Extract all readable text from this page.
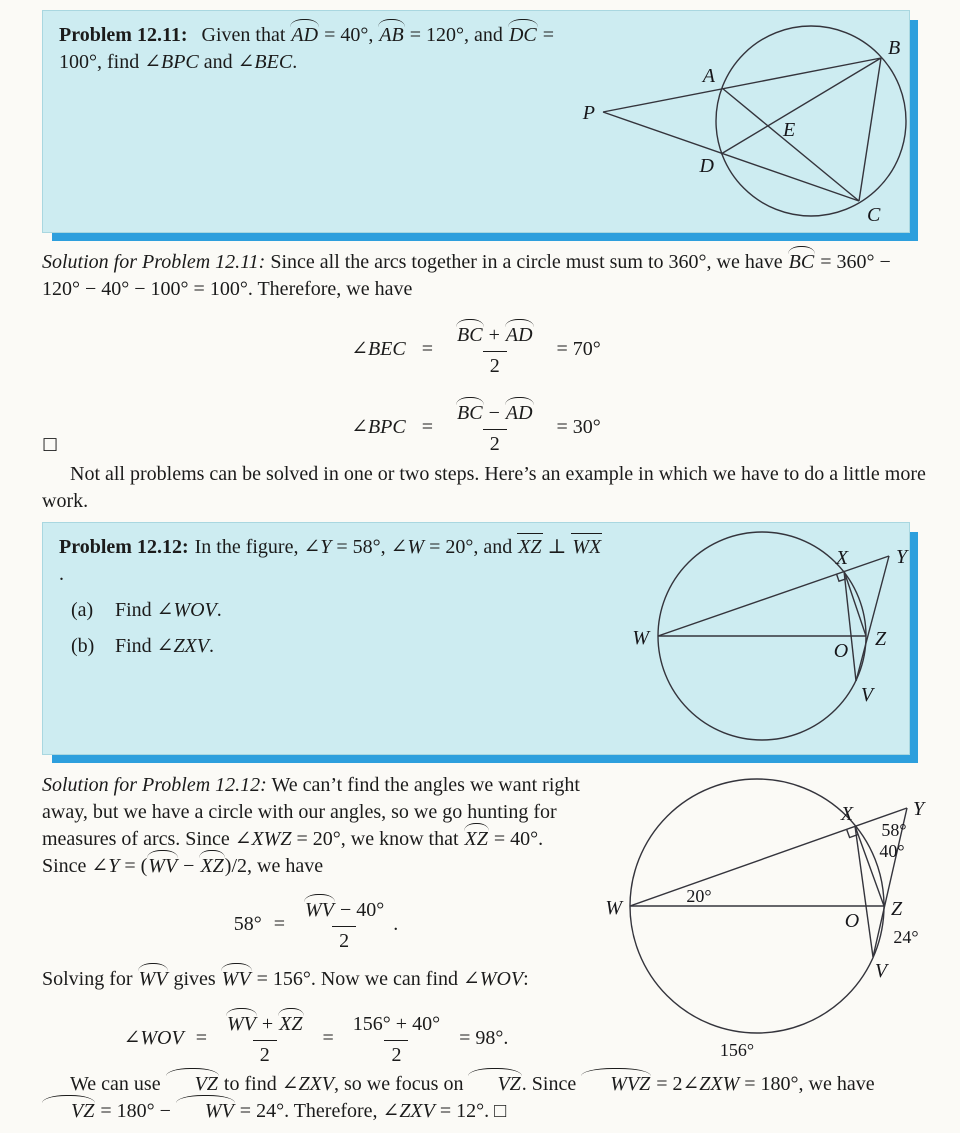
Problem 12.11: Given that AD = 40°, AB = 120°, and DC = 100°, find ∠BPC and ∠BEC.
P
A
B
C
D
E

Solution for Problem 12.11: Since all the arcs together in a circle must sum to 360°, we have BC = 360° − 120° − 40° − 100° = 100°. Therefore, we have

∠BEC = $\frac{BC + AD}{2} = 70^\circ$
∠BPC = $\frac{BC - AD}{2} = 30^\circ$
□

Not all problems can be solved in one or two steps. Here’s an example in which we have to do a little more work.

Problem 12.12: In the figure, ∠Y = 58°, ∠W = 20°, and XZ ⊥ WX.
(a)	Find ∠WOV.
(b)	Find ∠ZXV.	W
X Y
Z
O
V

Solution for Problem 12.12: We can’t find the angles we want right away, but we have a circle with our angles, so we go hunting for measures of arcs. Since ∠XWZ = 20°, we know that XZ = 40°. Since ∠Y = (WV − XZ)/2, we have

$58^\circ = \frac{WV - 40^\circ}{2}$ .

Solving for WV gives WV = 156°. Now we can find ∠WOV:

∠WOV = $\frac{WV + XZ}{2} = \frac{156^\circ + 40^\circ}{2} = 98^\circ$.
W
X	Y
Z
O
V
58°
40°
20°
24°
156°

We can use VZ to find ∠ZXV, so we focus on VZ. Since WVZ = 2∠ZXW = 180°, we have VZ = 180° − WV = 24°. Therefore, ∠ZXV = 12°. □
